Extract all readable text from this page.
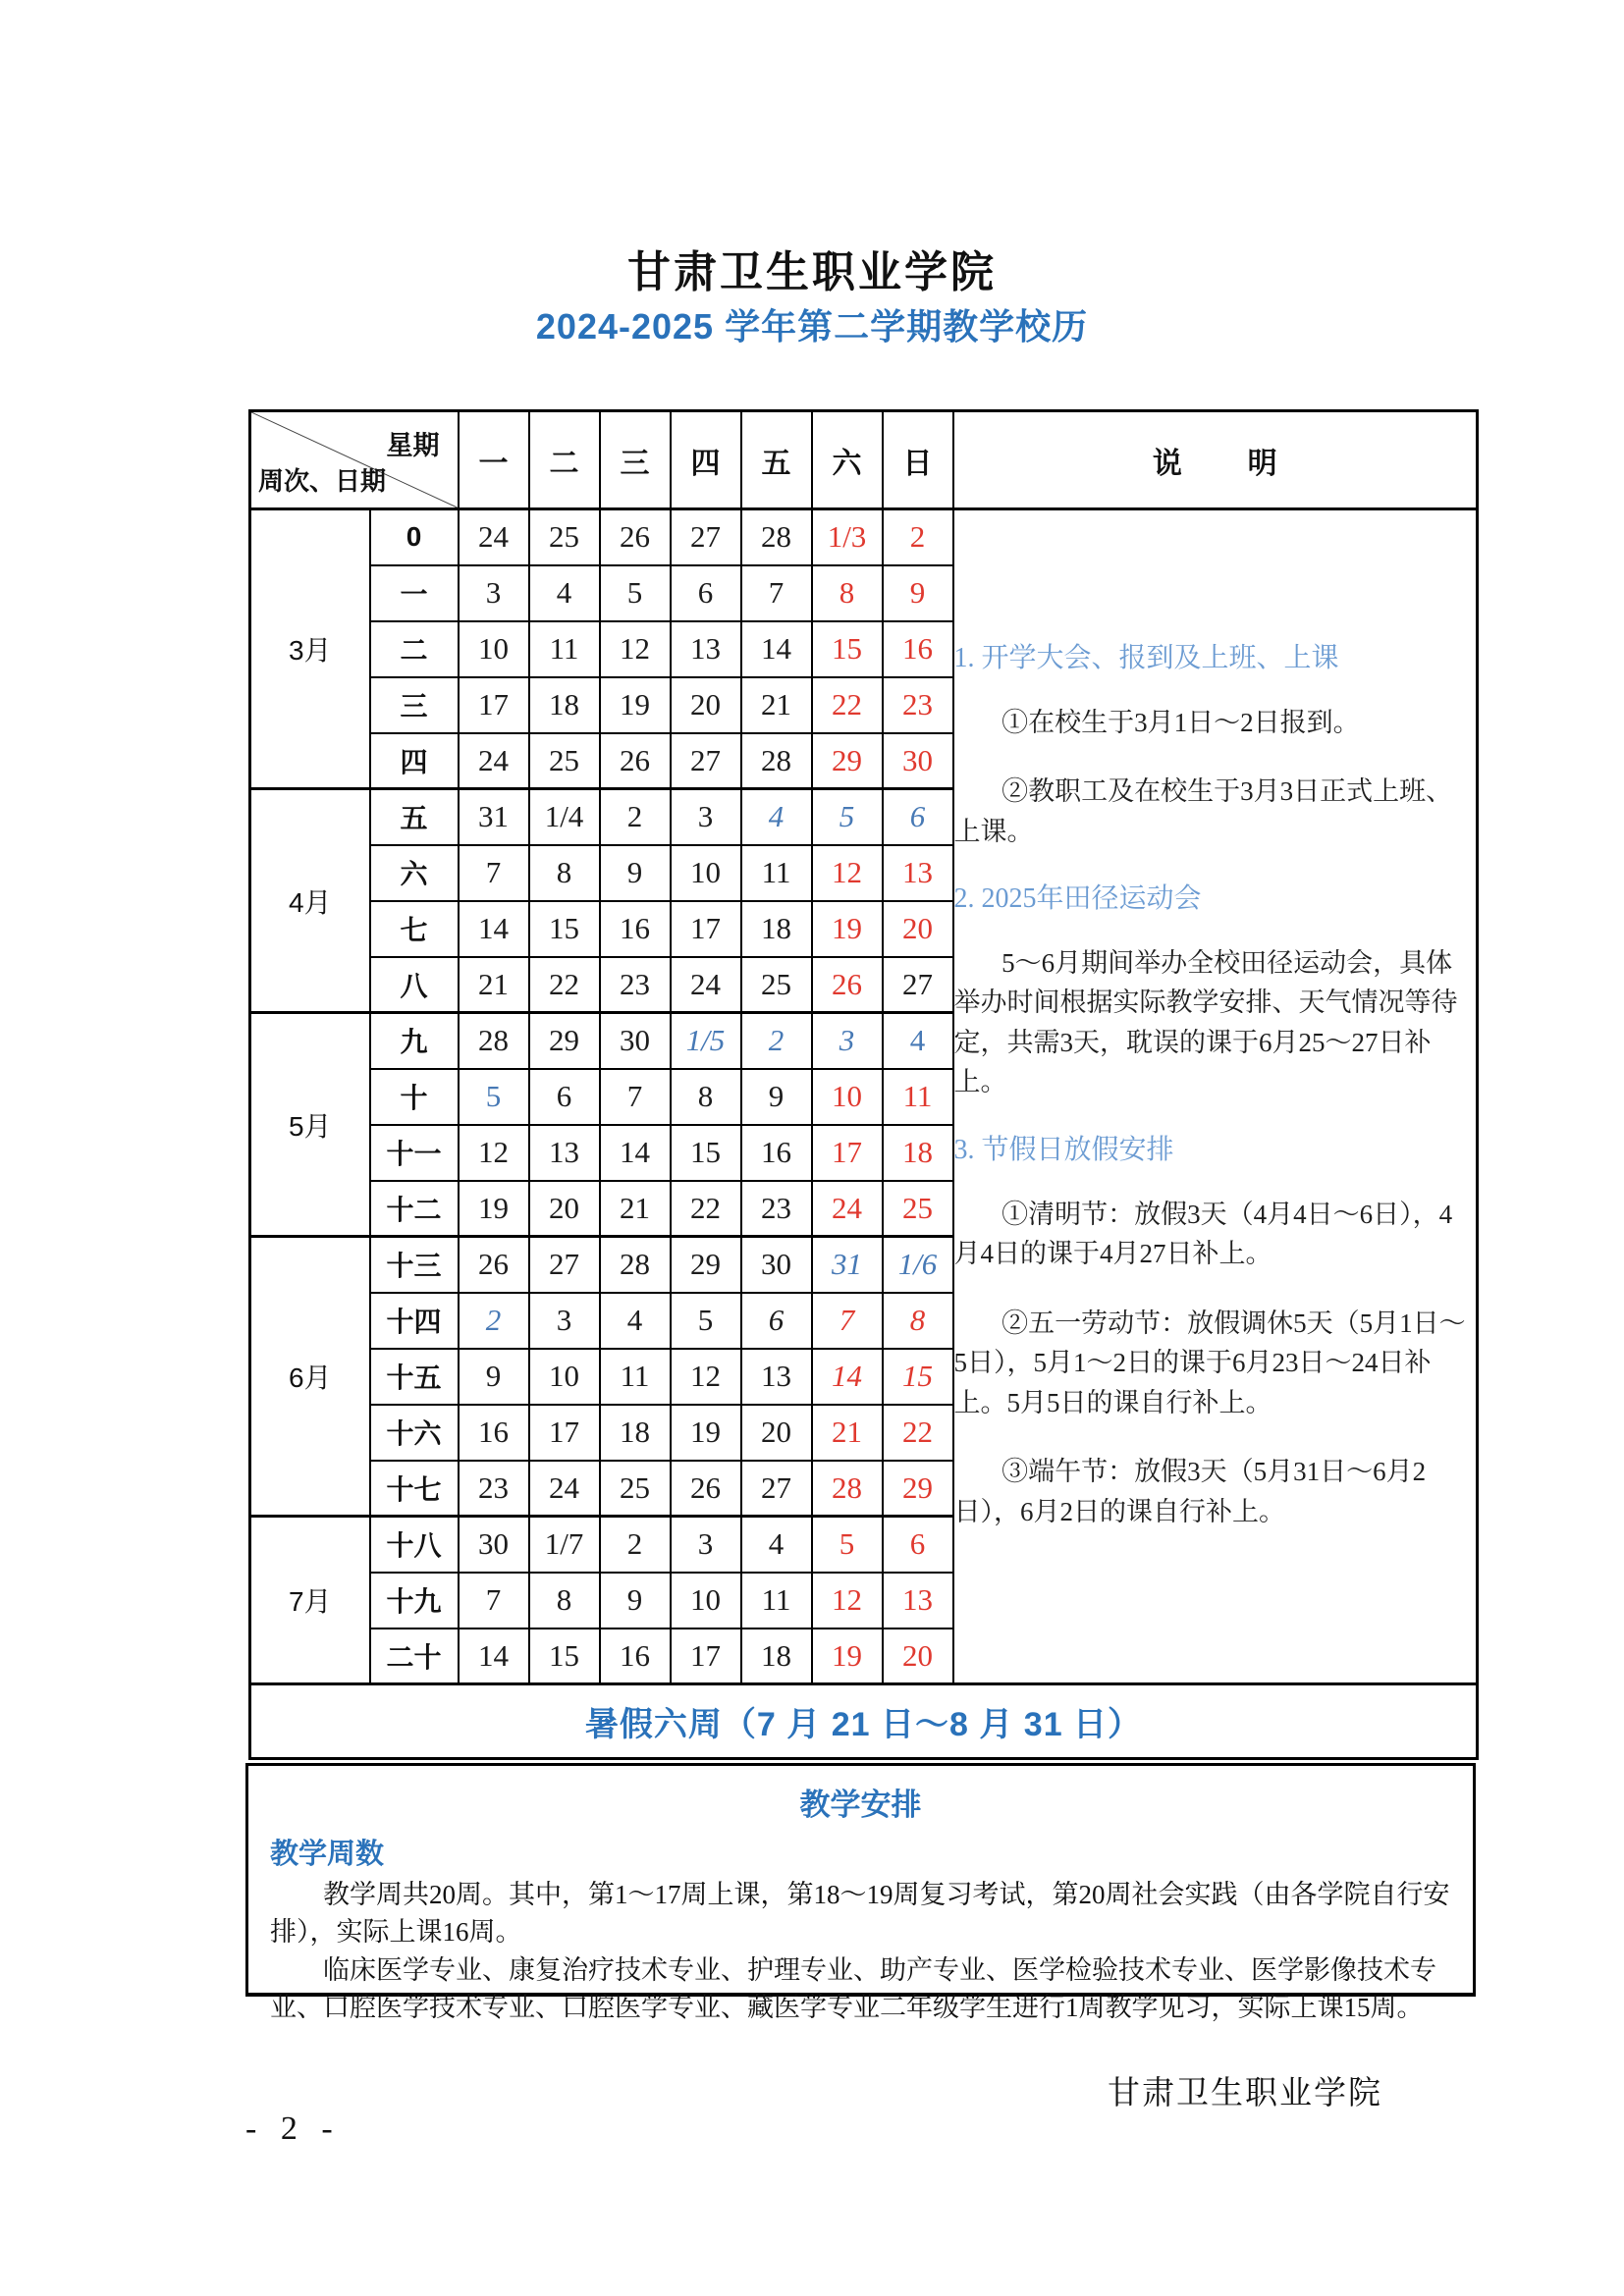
甘肃卫生职业学院
2024-2025 学年第二学期教学校历
星期
周次、日期		一	二	三	四	五	六	日	说        明
3月	0	24	25	26	27	28	1/3	2	

1. 开学大会、报到及上班、上课

①在校生于3月1日～2日报到。

②教职工及在校生于3月3日正式上班、上课。

2. 2025年田径运动会

5～6月期间举办全校田径运动会，具体举办时间根据实际教学安排、天气情况等待定，共需3天，耽误的课于6月25～27日补上。

3. 节假日放假安排

①清明节：放假3天（4月4日～6日），4月4日的课于4月27日补上。

②五一劳动节：放假调休5天（5月1日～5日），5月1～2日的课于6月23日～24日补上。5月5日的课自行补上。

③端午节：放假3天（5月31日～6月2日），6月2日的课自行补上。

	一	3	4	5	6	7	8	9	
	二	10	11	12	13	14	15	16	
	三	17	18	19	20	21	22	23	
	四	24	25	26	27	28	29	30	
4月	五	31	1/4	2	3	4	5	6	
	六	7	8	9	10	11	12	13	
	七	14	15	16	17	18	19	20	
	八	21	22	23	24	25	26	27	
5月	九	28	29	30	1/5	2	3	4	
	十	5	6	7	8	9	10	11	
	十一	12	13	14	15	16	17	18	
	十二	19	20	21	22	23	24	25	
6月	十三	26	27	28	29	30	31	1/6	
	十四	2	3	4	5	6	7	8	
	十五	9	10	11	12	13	14	15	
	十六	16	17	18	19	20	21	22	
	十七	23	24	25	26	27	28	29	
7月	十八	30	1/7	2	3	4	5	6	
	十九	7	8	9	10	11	12	13	
	二十	14	15	16	17	18	19	20	
暑假六周（7 月 21 日～8 月 31 日）									

教学安排

教学周数

教学周共20周。其中，第1～17周上课，第18～19周复习考试，第20周社会实践（由各学院自行安排），实际上课16周。

临床医学专业、康复治疗技术专业、护理专业、助产专业、医学检验技术专业、医学影像技术专业、口腔医学技术专业、口腔医学专业、藏医学专业二年级学生进行1周教学见习，实际上课15周。

甘肃卫生职业学院
- 2 -
